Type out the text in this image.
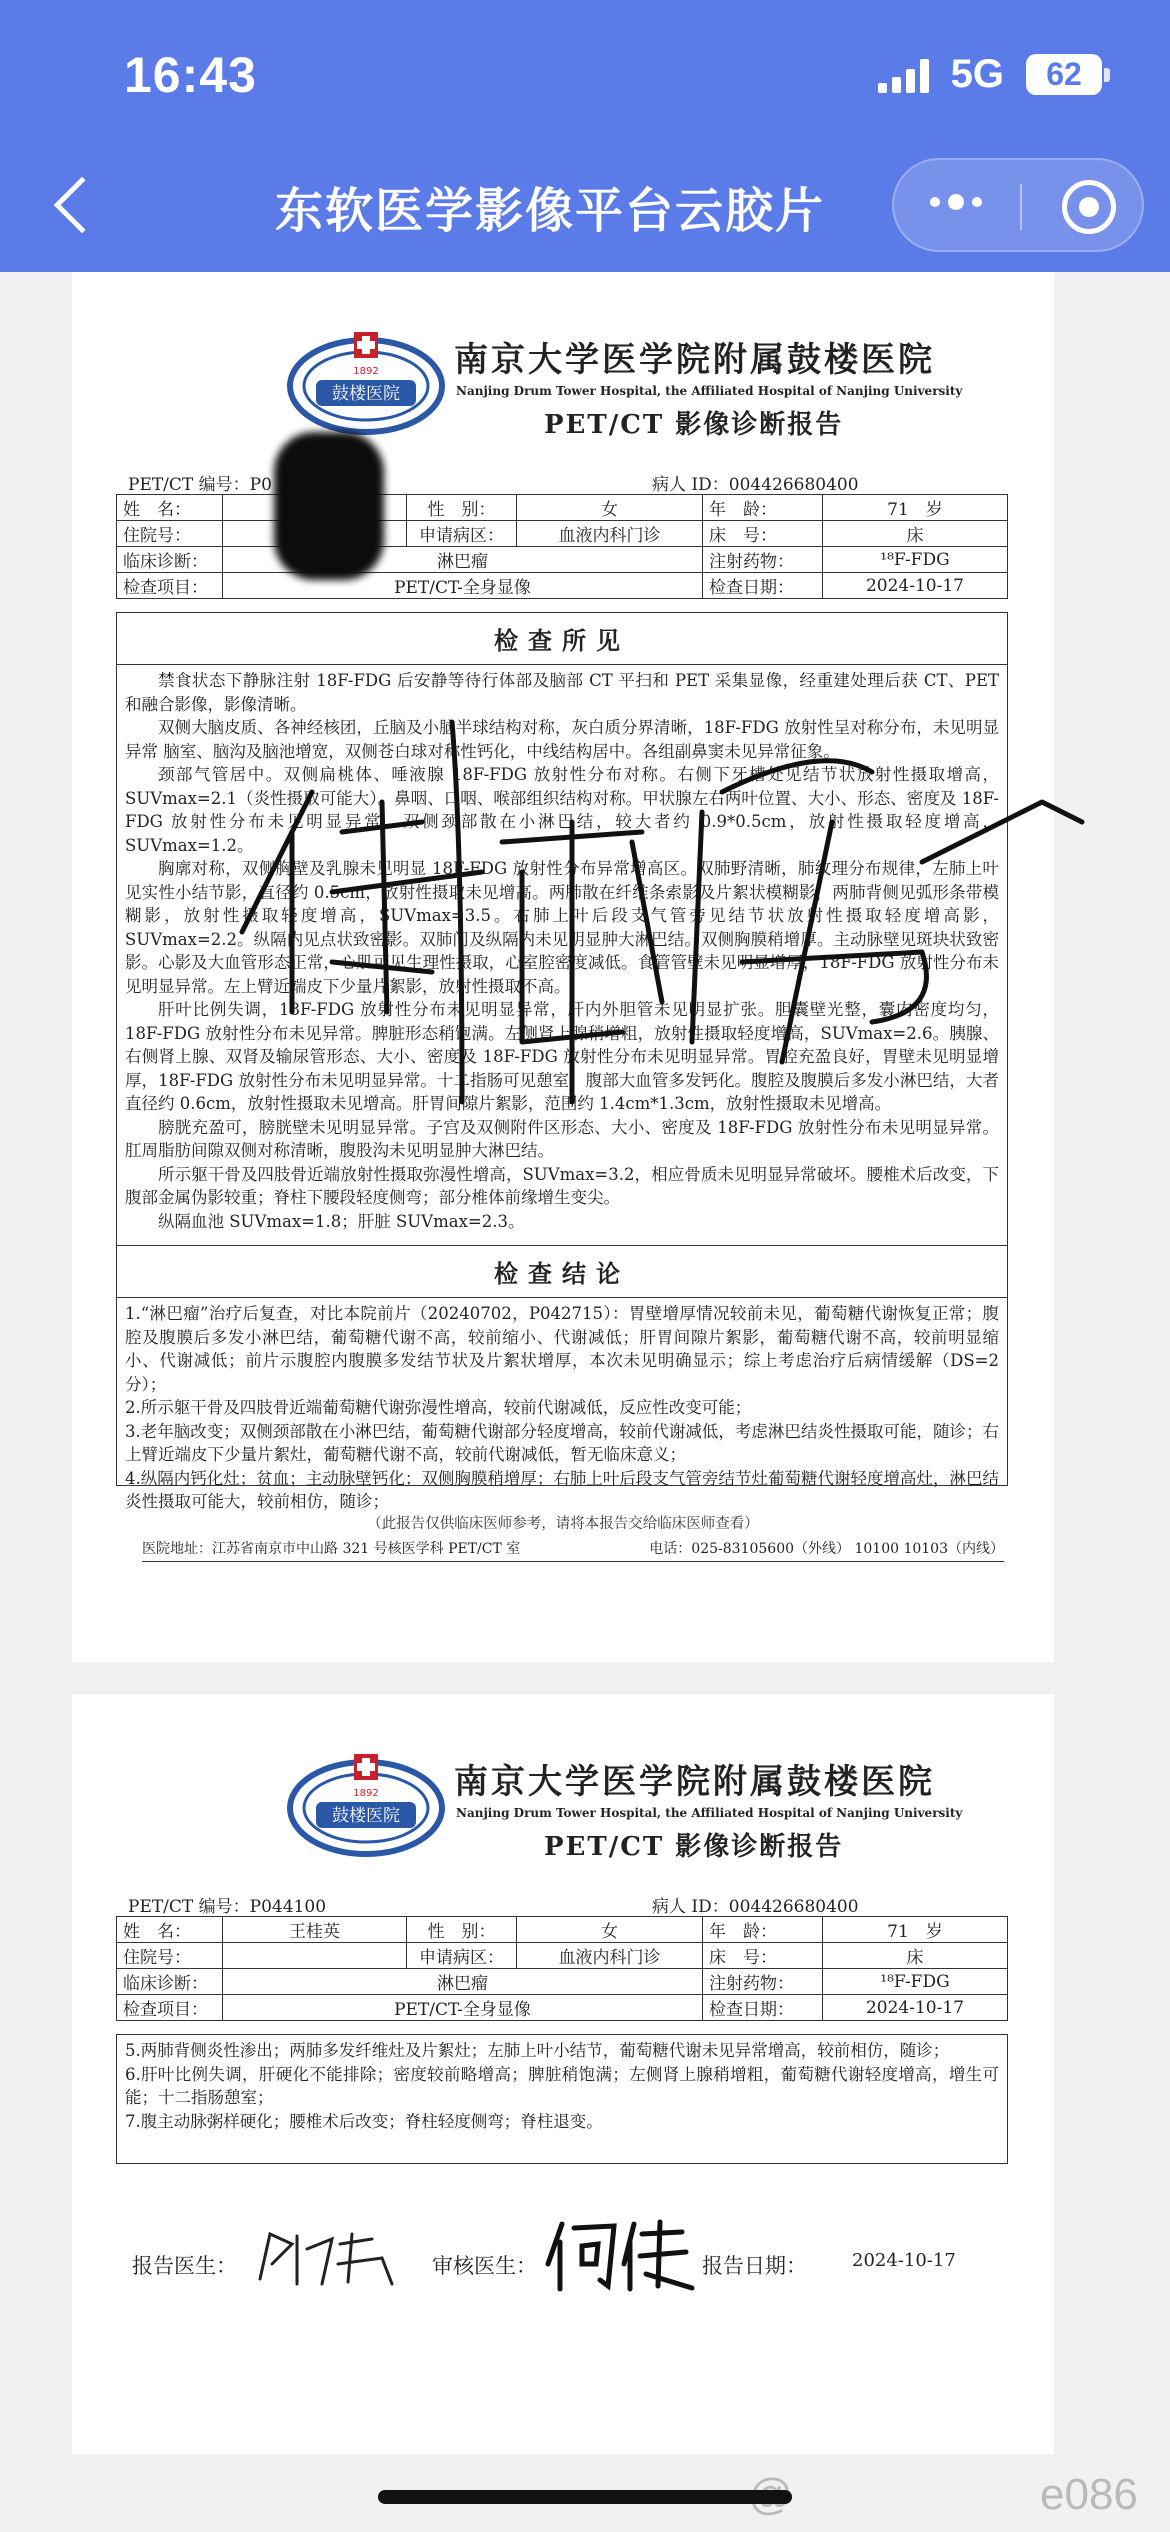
16:43	5G	62
东软医学影像平台云胶片
鼓楼医院
1892 南京大学医学院附属鼓楼医院
Nanjing Drum Tower Hospital, the Affiliated Hospital of Nanjing University
PET/CT 影像诊断报告
PET/CT 编号：P0	病人 ID：004426680400
姓　名：		性　别：	女	年　龄：	71　岁
住院号：		申请病区：	血液内科门诊	床　号：	床
临床诊断：	淋巴瘤			注射药物：	¹⁸F-FDG
检查项目：	PET/CT-全身显像			检查日期：	2024-10-17
检查所见

禁食状态下静脉注射 18F-FDG 后安静等待行体部及脑部 CT 平扫和 PET 采集显像，经重建处理后获 CT、PET 和融合影像，影像清晰。

双侧大脑皮质、各神经核团，丘脑及小脑半球结构对称，灰白质分界清晰，18F-FDG 放射性呈对称分布，未见明显异常 脑室、脑沟及脑池增宽，双侧苍白球对称性钙化，中线结构居中。各组副鼻窦未见异常征象。

颈部气管居中。双侧扁桃体、唾液腺 18F-FDG 放射性分布对称。右侧下牙槽处见结节状放射性摄取增高，SUVmax=2.1（炎性摄取可能大）。鼻咽、口咽、喉部组织结构对称。甲状腺左右两叶位置、大小、形态、密度及 18F-FDG 放射性分布未见明显异常。双侧颈部散在小淋巴结，较大者约 0.9*0.5cm，放射性摄取轻度增高，SUVmax=1.2。

胸廓对称，双侧胸壁及乳腺未见明显 18F-FDG 放射性分布异常增高区。双肺野清晰，肺纹理分布规律，左肺上叶见实性小结节影，直径约 0.5cm，放射性摄取未见增高。两肺散在纤维条索影及片絮状模糊影，两肺背侧见弧形条带模糊影，放射性摄取轻度增高，SUVmax=3.5。右肺上叶后段支气管旁见结节状放射性摄取轻度增高影，SUVmax=2.2。纵隔内见点状致密影。双肺门及纵隔内未见明显肿大淋巴结。双侧胸膜稍增厚。主动脉壁见斑块状致密影。心影及大血管形态正常，心肌可见生理性摄取，心室腔密度减低。食管管壁未见明显增厚，18F-FDG 放射性分布未见明显异常。左上臂近端皮下少量片絮影，放射性摄取不高。

肝叶比例失调，18F-FDG 放射性分布未见明显异常，肝内外胆管未见明显扩张。胆囊壁光整，囊内密度均匀，18F-FDG 放射性分布未见异常。脾脏形态稍饱满。左侧肾上腺稍增粗，放射性摄取轻度增高，SUVmax=2.6。胰腺、右侧肾上腺、双肾及输尿管形态、大小、密度及 18F-FDG 放射性分布未见明显异常。胃腔充盈良好，胃壁未见明显增厚，18F-FDG 放射性分布未见明显异常。十二指肠可见憩室。腹部大血管多发钙化。腹腔及腹膜后多发小淋巴结，大者直径约 0.6cm，放射性摄取未见增高。肝胃间隙片絮影，范围约 1.4cm*1.3cm，放射性摄取未见增高。

膀胱充盈可，膀胱壁未见明显异常。子宫及双侧附件区形态、大小、密度及 18F-FDG 放射性分布未见明显异常。肛周脂肪间隙双侧对称清晰，腹股沟未见明显肿大淋巴结。

所示躯干骨及四肢骨近端放射性摄取弥漫性增高，SUVmax=3.2，相应骨质未见明显异常破坏。腰椎术后改变，下腹部金属伪影较重；脊柱下腰段轻度侧弯；部分椎体前缘增生变尖。

纵隔血池 SUVmax=1.8；肝脏 SUVmax=2.3。

检查结论

1.“淋巴瘤”治疗后复查，对比本院前片（20240702，P042715）：胃壁增厚情况较前未见，葡萄糖代谢恢复正常；腹腔及腹膜后多发小淋巴结，葡萄糖代谢不高，较前缩小、代谢减低；肝胃间隙片絮影，葡萄糖代谢不高，较前明显缩小、代谢减低；前片示腹腔内腹膜多发结节状及片絮状增厚，本次未见明确显示；综上考虑治疗后病情缓解（DS=2 分）；

2.所示躯干骨及四肢骨近端葡萄糖代谢弥漫性增高，较前代谢减低，反应性改变可能；

3.老年脑改变；双侧颈部散在小淋巴结，葡萄糖代谢部分轻度增高，较前代谢减低，考虑淋巴结炎性摄取可能，随诊；右上臂近端皮下少量片絮灶，葡萄糖代谢不高，较前代谢减低，暂无临床意义；

4.纵隔内钙化灶；贫血；主动脉壁钙化；双侧胸膜稍增厚；右肺上叶后段支气管旁结节灶葡萄糖代谢轻度增高灶，淋巴结炎性摄取可能大，较前相仿，随诊；

（此报告仅供临床医师参考，请将本报告交给临床医师查看）
医院地址：江苏省南京市中山路 321 号核医学科 PET/CT 室	电话：025-83105600（外线） 10100 10103（内线）
鼓楼医院
1892 南京大学医学院附属鼓楼医院
Nanjing Drum Tower Hospital, the Affiliated Hospital of Nanjing University
PET/CT 影像诊断报告
PET/CT 编号：P044100	病人 ID：004426680400
姓　名：	王桂英	性　别：	女	年　龄：	71　岁
住院号：		申请病区：	血液内科门诊	床　号：	床
临床诊断：	淋巴瘤			注射药物：	¹⁸F-FDG
检查项目：	PET/CT-全身显像			检查日期：	2024-10-17

5.两肺背侧炎性渗出；两肺多发纤维灶及片絮灶；左肺上叶小结节，葡萄糖代谢未见异常增高，较前相仿，随诊；

6.肝叶比例失调，肝硬化不能排除；密度较前略增高；脾脏稍饱满；左侧肾上腺稍增粗，葡萄糖代谢轻度增高，增生可能；十二指肠憩室；

7.腹主动脉粥样硬化；腰椎术后改变；脊柱轻度侧弯；脊柱退变。

报告医生：	审核医生：	报告日期：	2024-10-17
e086
